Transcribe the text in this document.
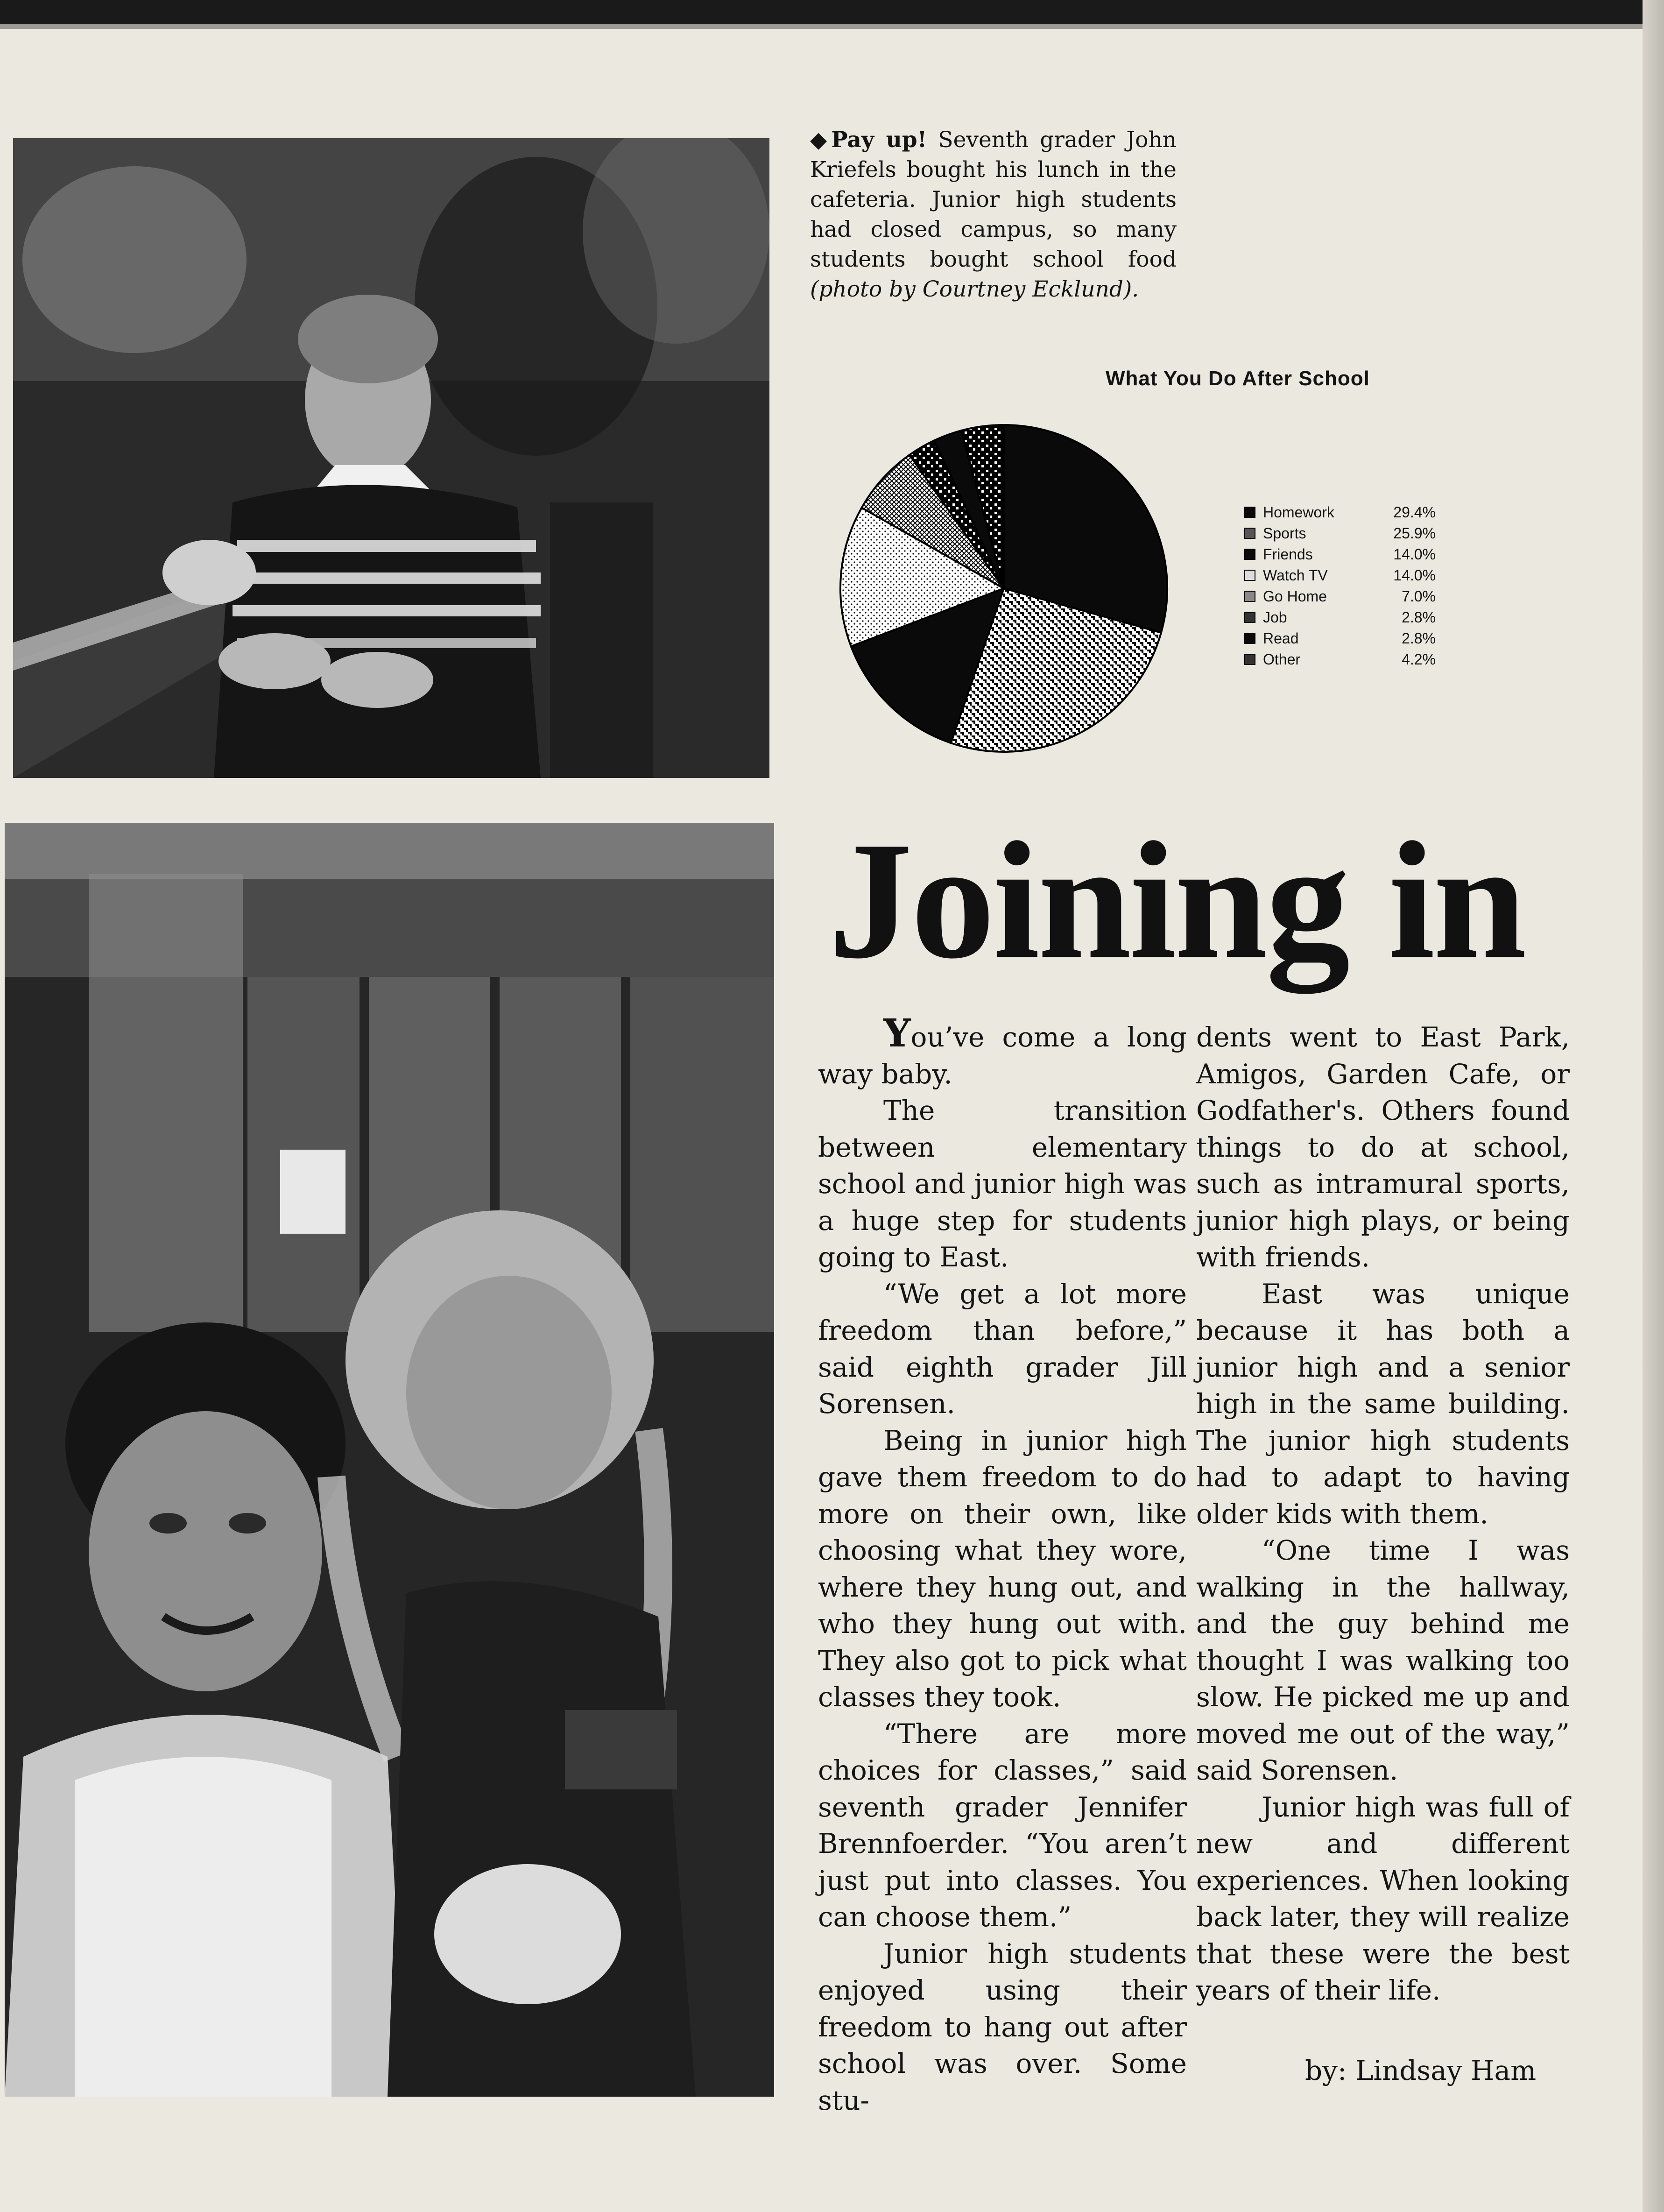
◆Pay up! Seventh grader John Kriefels bought his lunch in the cafeteria. Junior high students had closed campus, so many students bought school food (photo by Courtney Ecklund).
What You Do After School
Homework	29.4%
Sports	25.9%
Friends	14.0%
Watch TV	14.0%
Go Home	7.0%
Job	2.8%
Read	2.8%
Other	4.2%
Joining in

You’ve come a long way baby.

The transition between elementary school and junior high was a huge step for students going to East.

“We get a lot more freedom than before,” said eighth grader Jill Sorensen.

Being in junior high gave them freedom to do more on their own, like choosing what they wore, where they hung out, and who they hung out with. They also got to pick what classes they took.

“There are more choices for classes,” said seventh grader Jennifer Brennfoerder. “You aren’t just put into classes. You can choose them.”

Junior high students enjoyed using their freedom to hang out after school was over. Some stu-

dents went to East Park, Amigos, Garden Cafe, or Godfather's. Others found things to do at school, such as intramural sports, junior high plays, or being with friends.

East was unique because it has both a junior high and a senior high in the same building. The junior high students had to adapt to having older kids with them.

“One time I was walking in the hallway, and the guy behind me thought I was walking too slow. He picked me up and moved me out of the way,” said Sorensen.

Junior high was full of new and different experiences. When looking back later, they will realize that these were the best years of their life.

by: Lindsay Ham
